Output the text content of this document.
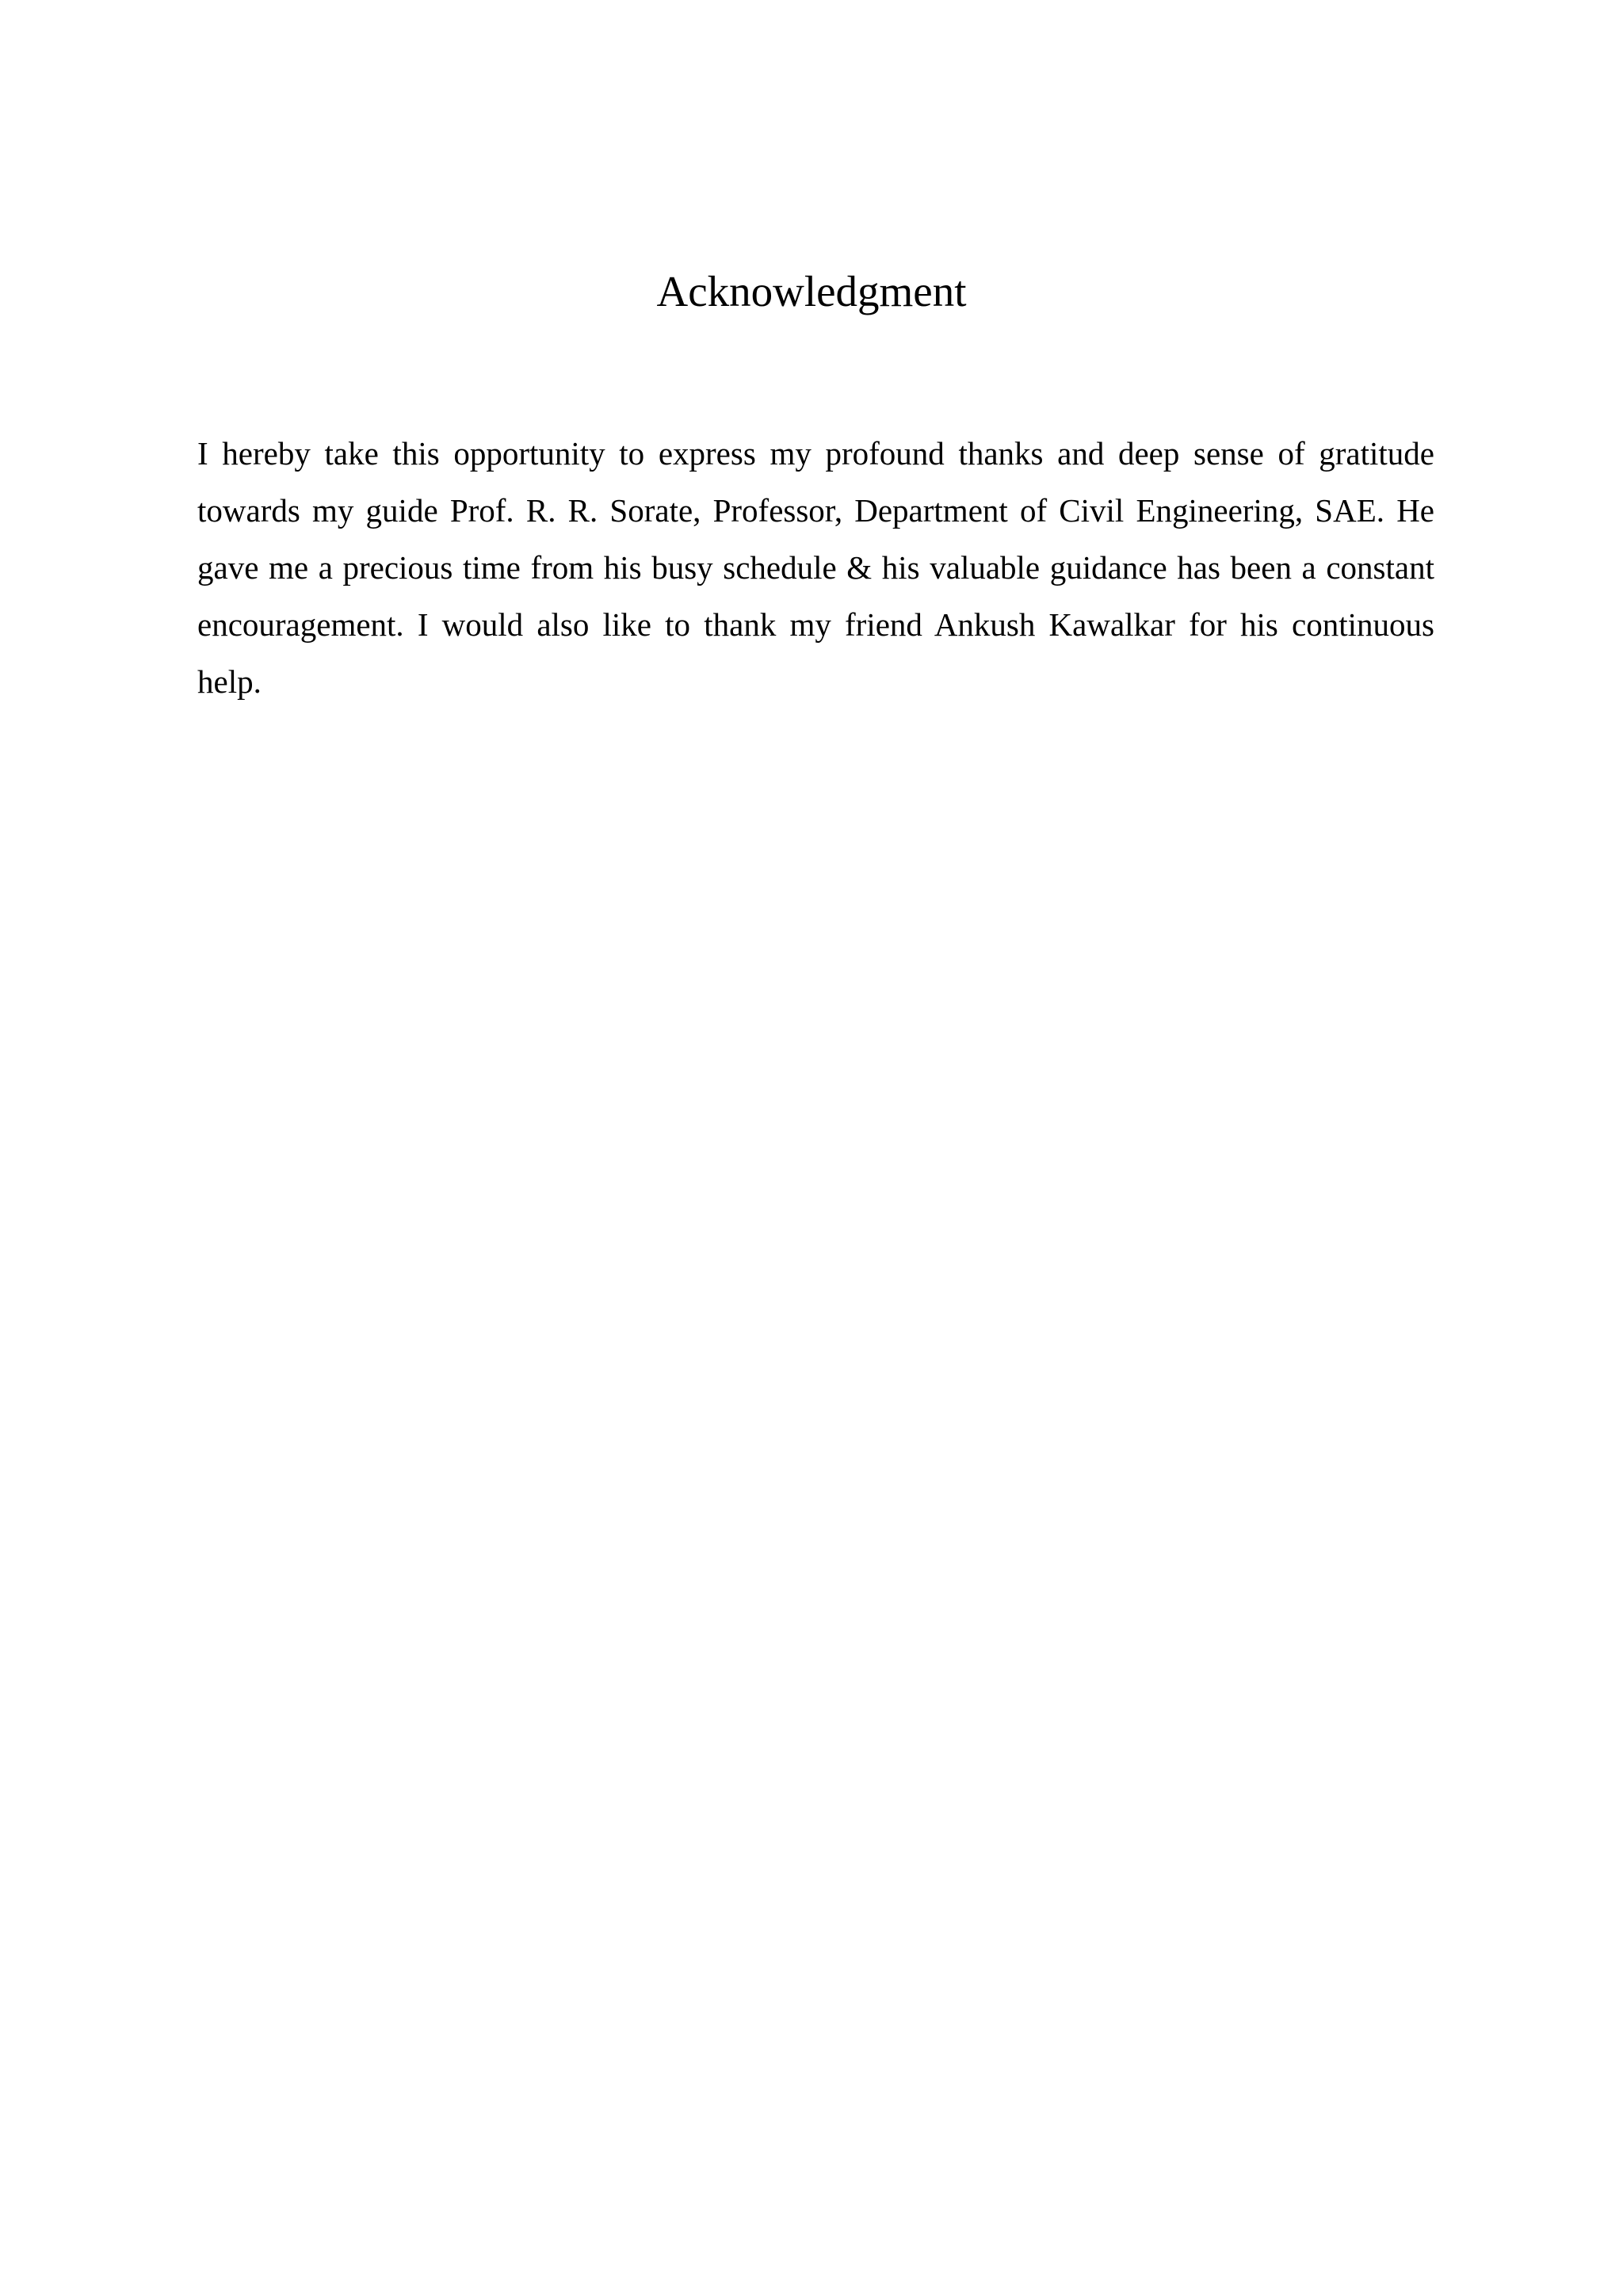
Acknowledgment

I hereby take this opportunity to express my profound thanks and deep sense of gratitude towards my guide Prof. R. R. Sorate, Professor, Department of Civil Engineering, SAE. He gave me a precious time from his busy schedule & his valuable guidance has been a constant encouragement. I would also like to thank my friend Ankush Kawalkar for his continuous help.
